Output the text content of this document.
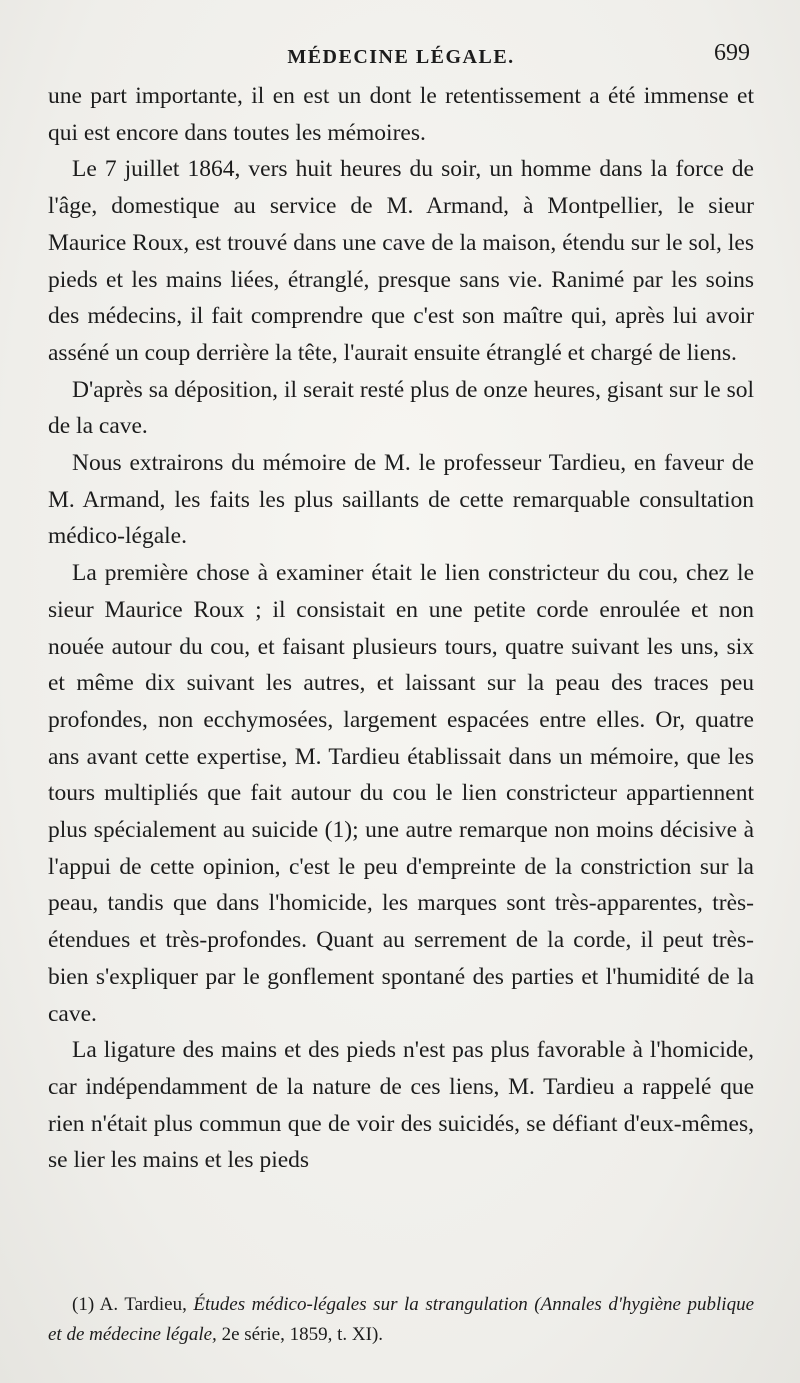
MÉDECINE LÉGALE.	699

une part importante, il en est un dont le retentissement a été immense et qui est encore dans toutes les mémoires.

Le 7 juillet 1864, vers huit heures du soir, un homme dans la force de l'âge, domestique au service de M. Armand, à Montpellier, le sieur Maurice Roux, est trouvé dans une cave de la maison, étendu sur le sol, les pieds et les mains liées, étranglé, presque sans vie. Ranimé par les soins des médecins, il fait comprendre que c'est son maître qui, après lui avoir asséné un coup derrière la tête, l'aurait ensuite étranglé et chargé de liens.

D'après sa déposition, il serait resté plus de onze heures, gisant sur le sol de la cave.

Nous extrairons du mémoire de M. le professeur Tardieu, en faveur de M. Armand, les faits les plus saillants de cette remarquable consultation médico-légale.

La première chose à examiner était le lien constricteur du cou, chez le sieur Maurice Roux ; il consistait en une petite corde enroulée et non nouée autour du cou, et faisant plusieurs tours, quatre suivant les uns, six et même dix suivant les autres, et laissant sur la peau des traces peu profondes, non ecchymosées, largement espacées entre elles. Or, quatre ans avant cette expertise, M. Tardieu établissait dans un mémoire, que les tours multipliés que fait autour du cou le lien constricteur appartiennent plus spécialement au suicide (1); une autre remarque non moins décisive à l'appui de cette opinion, c'est le peu d'empreinte de la constriction sur la peau, tandis que dans l'homicide, les marques sont très-apparentes, très-étendues et très-profondes. Quant au serrement de la corde, il peut très-bien s'expliquer par le gonflement spontané des parties et l'humidité de la cave.

La ligature des mains et des pieds n'est pas plus favorable à l'homicide, car indépendamment de la nature de ces liens, M. Tardieu a rappelé que rien n'était plus commun que de voir des suicidés, se défiant d'eux-mêmes, se lier les mains et les pieds

(1) A. Tardieu, Études médico-légales sur la strangulation (Annales d'hygiène publique et de médecine légale, 2e série, 1859, t. XI).
